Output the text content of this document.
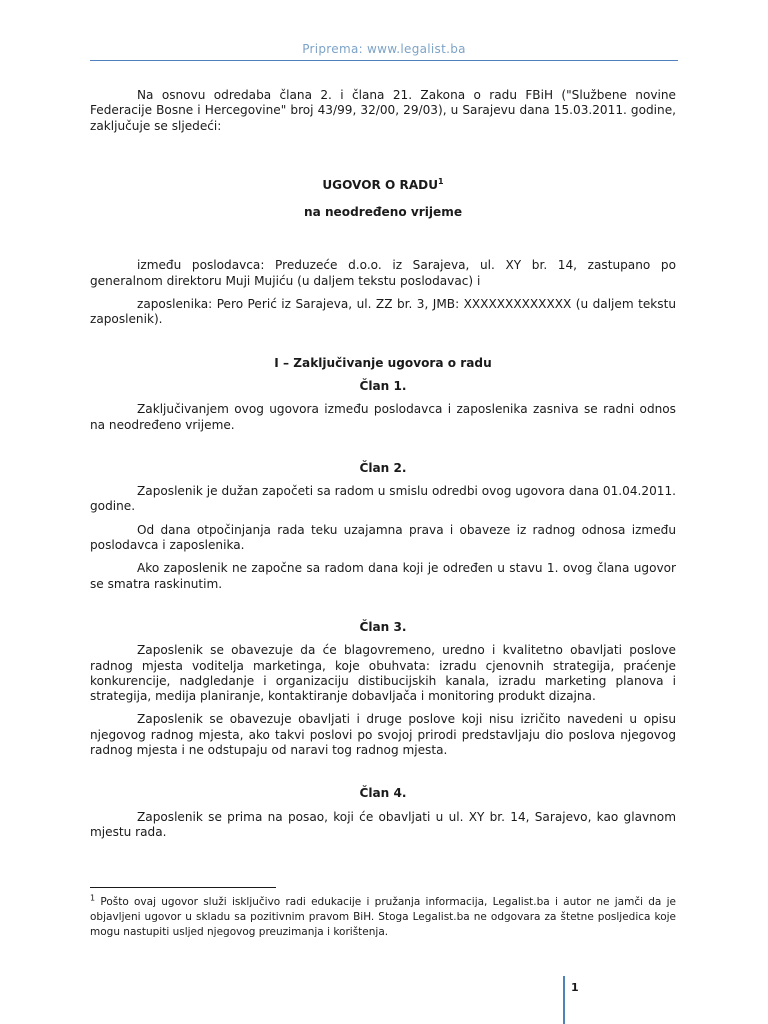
Priprema: www.legalist.ba

Na osnovu odredaba člana 2. i člana 21. Zakona o radu FBiH ("Službene novine Federacije Bosne i Hercegovine" broj 43/99, 32/00, 29/03), u Sarajevu dana 15.03.2011. godine, zaključuje se sljedeći:

UGOVOR O RADU$^1$

na neodređeno vrijeme

između poslodavca: Preduzeće d.o.o. iz Sarajeva, ul. XY br. 14, zastupano po generalnom direktoru Muji Mujiću (u daljem tekstu poslodavac) i

zaposlenika: Pero Perić iz Sarajeva, ul. ZZ br. 3, JMB: XXXXXXXXXXXXX (u daljem tekstu zaposlenik).

I – Zaključivanje ugovora o radu

Član 1.

Zaključivanjem ovog ugovora između poslodavca i zaposlenika zasniva se radni odnos na neodređeno vrijeme.

Član 2.

Zaposlenik je dužan započeti sa radom u smislu odredbi ovog ugovora dana 01.04.2011. godine.

Od dana otpočinjanja rada teku uzajamna prava i obaveze iz radnog odnosa između poslodavca i zaposlenika.

Ako zaposlenik ne započne sa radom dana koji je određen u stavu 1. ovog člana ugovor se smatra raskinutim.

Član 3.

Zaposlenik se obavezuje da će blagovremeno, uredno i kvalitetno obavljati poslove radnog mjesta voditelja marketinga, koje obuhvata: izradu cjenovnih strategija, praćenje konkurencije, nadgledanje i organizaciju distibucijskih kanala, izradu marketing planova i strategija, medija planiranje, kontaktiranje dobavljača i monitoring produkt dizajna.

Zaposlenik se obavezuje obavljati i druge poslove koji nisu izričito navedeni u opisu njegovog radnog mjesta, ako takvi poslovi po svojoj prirodi predstavljaju dio poslova njegovog radnog mjesta i ne odstupaju od naravi tog radnog mjesta.

Član 4.

Zaposlenik se prima na posao, koji će obavljati u ul. XY br. 14, Sarajevo, kao glavnom mjestu rada.

$^1$ Pošto ovaj ugovor služi isključivo radi edukacije i pružanja informacija, Legalist.ba i autor ne jamči da je objavljeni ugovor u skladu sa pozitivnim pravom BiH. Stoga Legalist.ba ne odgovara za štetne posljedica koje mogu nastupiti usljed njegovog preuzimanja i korištenja.

1
